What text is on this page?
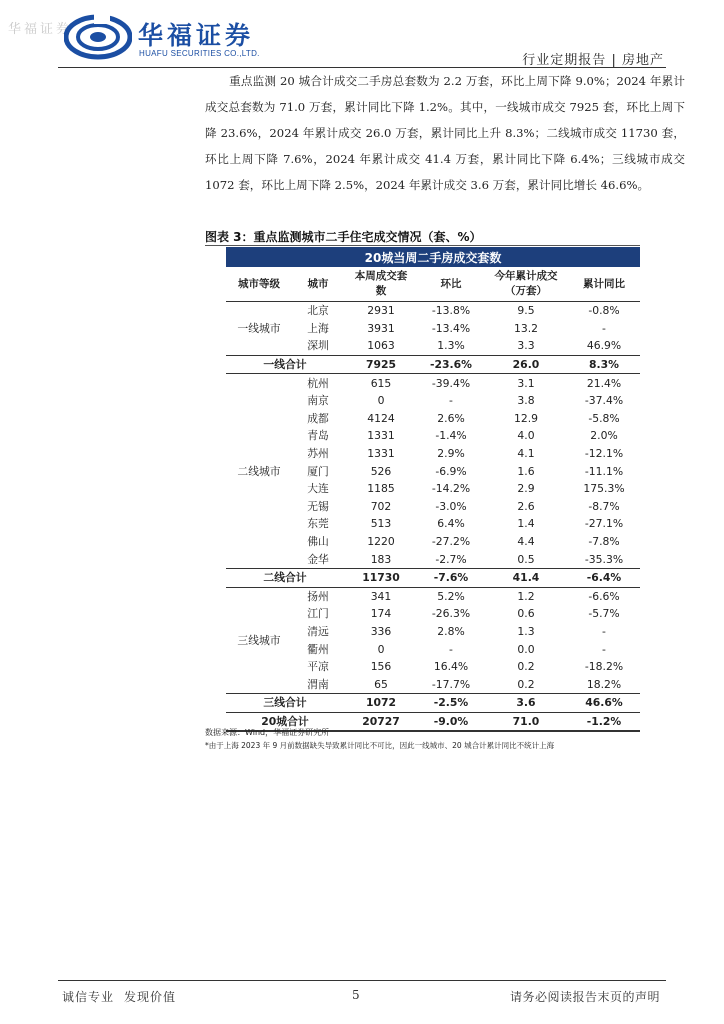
华福证券	华福证券
HUAFU SECURITIES CO.,LTD.	行业定期报告 | 房地产
重点监测 20 城合计成交二手房总套数为 2.2 万套，环比上周下降 9.0%；2024 年累计成交总套数为 71.0 万套，累计同比下降 1.2%。其中，一线城市成交 7925 套，环比上周下降 23.6%，2024 年累计成交 26.0 万套，累计同比上升 8.3%；二线城市成交 11730 套，环比上周下降 7.6%，2024 年累计成交 41.4 万套，累计同比下降 6.4%；三线城市成交 1072 套，环比上周下降 2.5%，2024 年累计成交 3.6 万套，累计同比增长 46.6%。
图表 3：重点监测城市二手住宅成交情况（套、%）
20城当周二手房成交套数					
城市等级	城市	本周成交套数	环比	今年累计成交（万套）	累计同比
一线城市	北京	2931	-13.8%	9.5	-0.8%
	上海	3931	-13.4%	13.2	-
	深圳	1063	1.3%	3.3	46.9%
一线合计		7925	-23.6%	26.0	8.3%
二线城市	杭州	615	-39.4%	3.1	21.4%
	南京	0	-	3.8	-37.4%
	成都	4124	2.6%	12.9	-5.8%
	青岛	1331	-1.4%	4.0	2.0%
	苏州	1331	2.9%	4.1	-12.1%
	厦门	526	-6.9%	1.6	-11.1%
	大连	1185	-14.2%	2.9	175.3%
	无锡	702	-3.0%	2.6	-8.7%
	东莞	513	6.4%	1.4	-27.1%
	佛山	1220	-27.2%	4.4	-7.8%
	金华	183	-2.7%	0.5	-35.3%
二线合计		11730	-7.6%	41.4	-6.4%
三线城市	扬州	341	5.2%	1.2	-6.6%
	江门	174	-26.3%	0.6	-5.7%
	清远	336	2.8%	1.3	-
	衢州	0	-	0.0	-
	平凉	156	16.4%	0.2	-18.2%
	渭南	65	-17.7%	0.2	18.2%
三线合计		1072	-2.5%	3.6	46.6%
20城合计		20727	-9.0%	71.0	-1.2%
数据来源：Wind，华福证券研究所
*由于上海 2023 年 9 月前数据缺失导致累计同比不可比，因此一线城市、20 城合计累计同比不统计上海
诚信专业 发现价值	5	请务必阅读报告末页的声明
